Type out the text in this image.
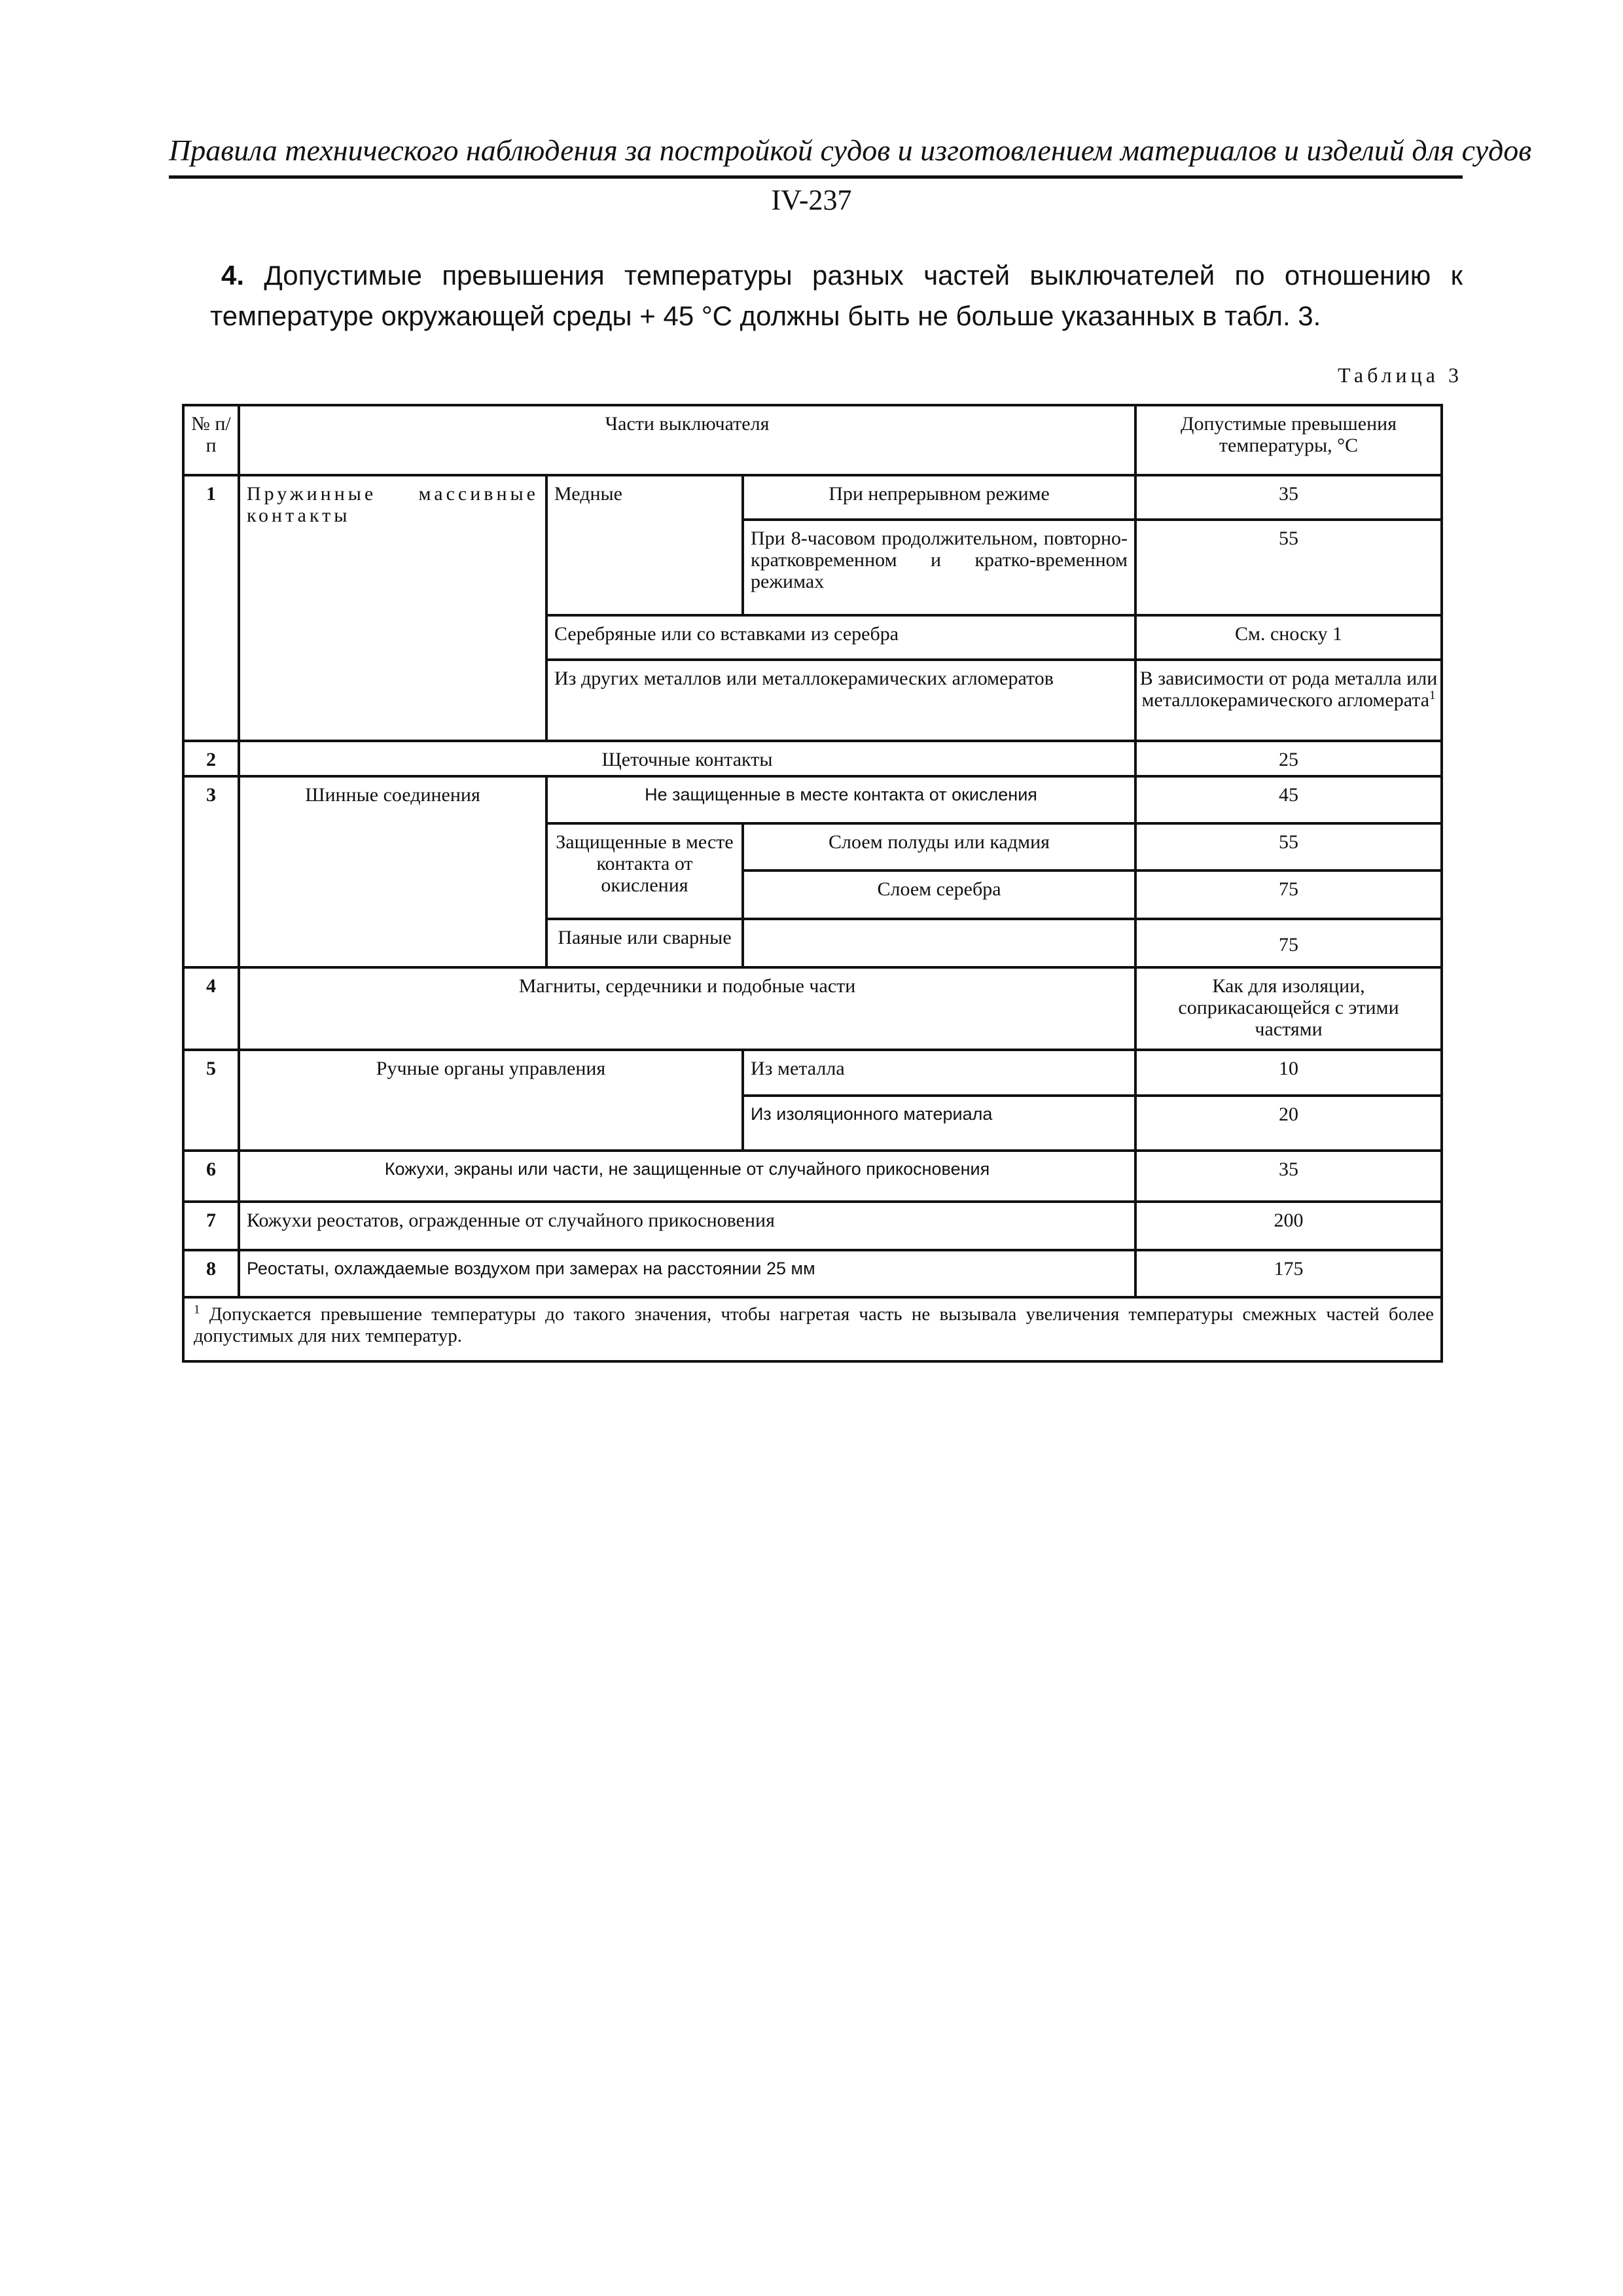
Правила технического наблюдения за постройкой судов и изготовлением материалов и изделий для судов
IV-237
4. Допустимые превышения температуры разных частей выключателей по отношению к
температуре окружающей среды + 45 °С должны быть не больше указанных в табл. 3.
Таблица 3
№ п/п	Части выключателя			Допустимые превышения температуры, °С
1	Пружинные массивные контакты	Медные	При непрерывном режиме	35
			При 8-часовом продолжительном, повторно-кратковременном и кратко-временном режимах	55
		Серебряные или со вставками из серебра		См. сноску 1
		Из других металлов или металлокерамических агломератов		В зависимости от рода металла или металлокерамического агломерата$^1$
2	Щеточные контакты			25
3	Шинные соединения	Не защищенные в месте контакта от окисления		45
		Защищенные в месте контакта от окисления	Слоем полуды или кадмия	55
			Слоем серебра	75
		Паяные или сварные		75
4	Магниты, сердечники и подобные части			Как для изоляции, соприкасающейся с этими частями
5	Ручные органы управления		Из металла	10
			Из изоляционного материала	20
6	Кожухи, экраны или части, не защищенные от случайного прикосновения			35
7	Кожухи реостатов, огражденные от случайного прикосновения			200
8	Реостаты, охлаждаемые воздухом при замерах на расстоянии 25 мм			175
$^1$ Допускается превышение температуры до такого значения, чтобы нагретая часть не вызывала увеличения температуры смежных частей более допустимых для них температур.				
